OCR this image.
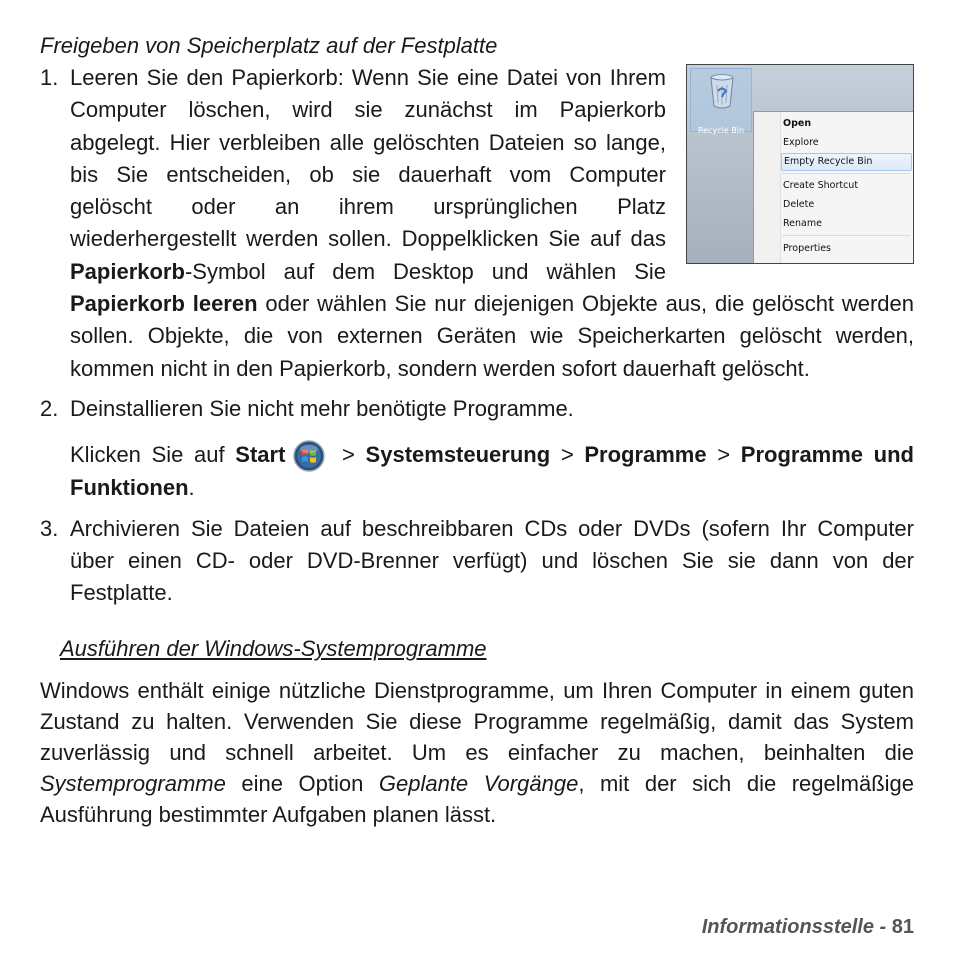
Freigeben von Speicherplatz auf der Festplatte
1.
Recycle Bin
Open
Explore
Empty Recycle Bin
Create Shortcut
Delete
Rename
Properties

Leeren Sie den Papierkorb: Wenn Sie eine Datei von Ihrem Computer löschen, wird sie zunächst im Papierkorb abgelegt. Hier verbleiben alle gelöschten Dateien so lange, bis Sie entscheiden, ob sie dauerhaft vom Computer gelöscht oder an ihrem ursprünglichen Platz wiederhergestellt werden sollen. Doppelklicken Sie auf das Papierkorb-Symbol auf dem Desktop und wählen Sie Papierkorb leeren oder wählen Sie nur diejenigen Objekte aus, die gelöscht werden sollen. Objekte, die von externen Geräten wie Speicherkarten gelöscht werden, kommen nicht in den Papierkorb, sondern werden sofort dauerhaft gelöscht.

2. Deinstallieren Sie nicht mehr benötigte Programme.

Klicken Sie auf Start > Systemsteuerung > Programme > Programme und Funktionen.

3. Archivieren Sie Dateien auf beschreibbaren CDs oder DVDs (sofern Ihr Computer über einen CD- oder DVD-Brenner verfügt) und löschen Sie sie dann von der Festplatte.

Ausführen der Windows-Systemprogramme

Windows enthält einige nützliche Dienstprogramme, um Ihren Computer in einem guten Zustand zu halten. Verwenden Sie diese Programme regelmäßig, damit das System zuverlässig und schnell arbeitet. Um es einfacher zu machen, beinhalten die Systemprogramme eine Option Geplante Vorgänge, mit der sich die regelmäßige Ausführung bestimmter Aufgaben planen lässt.

Informationsstelle - 81
